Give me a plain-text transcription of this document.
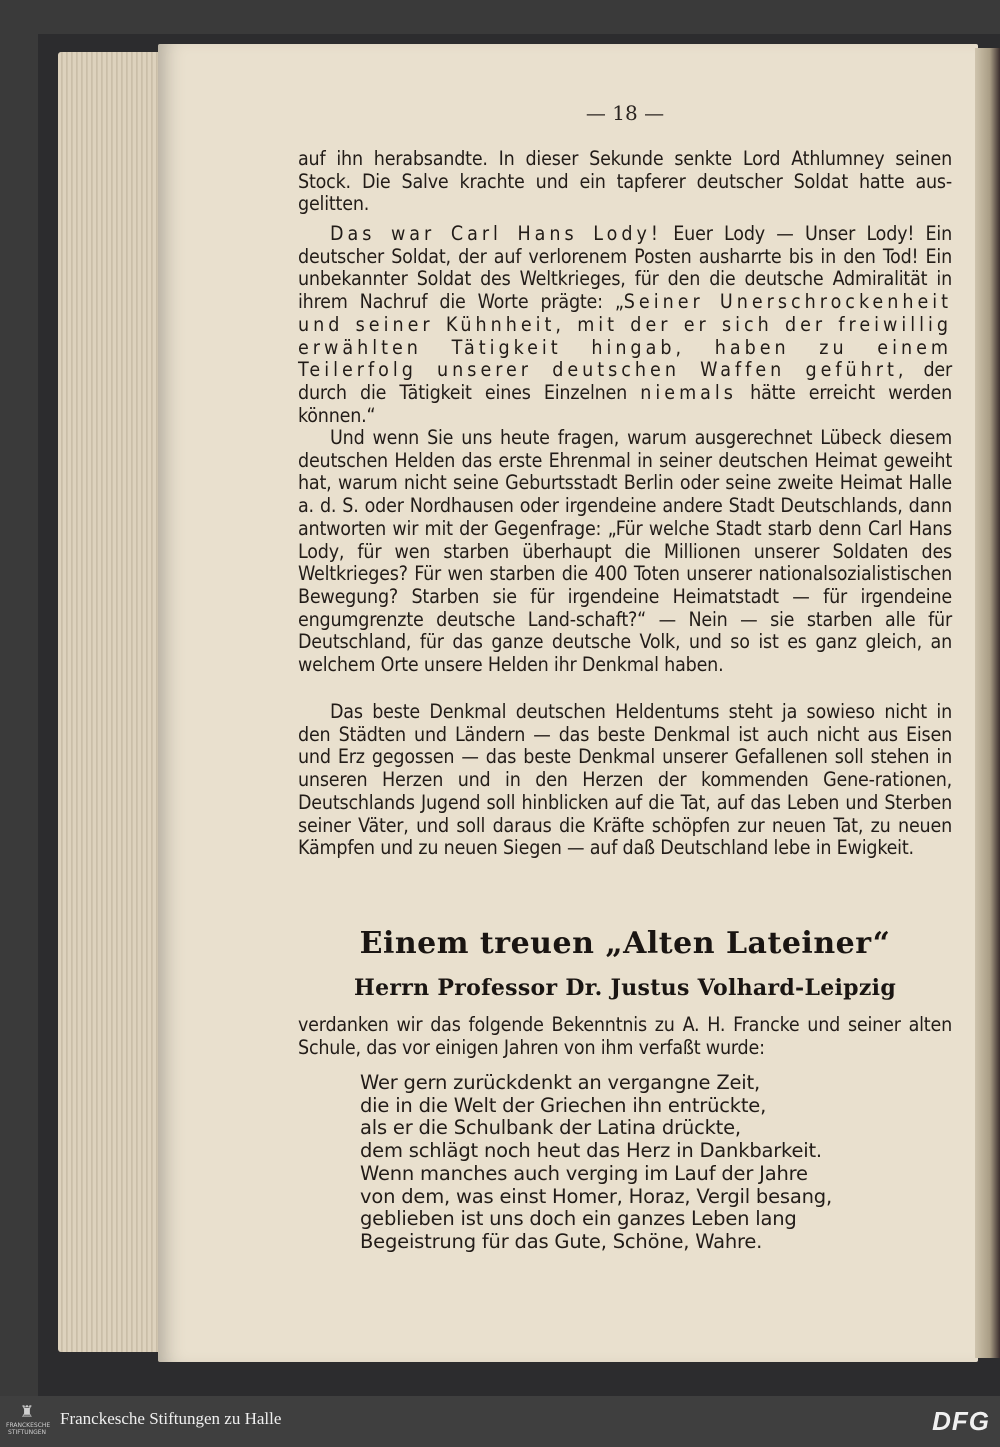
— 18 —

auf ihn herabsandte. In dieser Sekunde senkte Lord Athlumney seinen Stock. Die Salve krachte und ein tapferer deutscher Soldat hatte aus-gelitten.

Das war Carl Hans Lody! Euer Lody — Unser Lody! Ein deutscher Soldat, der auf verlorenem Posten ausharrte bis in den Tod! Ein unbekannter Soldat des Weltkrieges, für den die deutsche Admiralität in ihrem Nachruf die Worte prägte: „Seiner Unerschrockenheit und seiner Kühnheit, mit der er sich der freiwillig erwählten Tätigkeit hingab, haben zu einem Teilerfolg unserer deutschen Waffen geführt, der durch die Tätigkeit eines Einzelnen niemals hätte erreicht werden können.“

Und wenn Sie uns heute fragen, warum ausgerechnet Lübeck diesem deutschen Helden das erste Ehrenmal in seiner deutschen Heimat geweiht hat, warum nicht seine Geburtsstadt Berlin oder seine zweite Heimat Halle a. d. S. oder Nordhausen oder irgendeine andere Stadt Deutschlands, dann antworten wir mit der Gegenfrage: „Für welche Stadt starb denn Carl Hans Lody, für wen starben überhaupt die Millionen unserer Soldaten des Weltkrieges? Für wen starben die 400 Toten unserer nationalsozialistischen Bewegung? Starben sie für irgendeine Heimatstadt — für irgendeine engumgrenzte deutsche Land-schaft?“ — Nein — sie starben alle für Deutschland, für das ganze deutsche Volk, und so ist es ganz gleich, an welchem Orte unsere Helden ihr Denkmal haben.

Das beste Denkmal deutschen Heldentums steht ja sowieso nicht in den Städten und Ländern — das beste Denkmal ist auch nicht aus Eisen und Erz gegossen — das beste Denkmal unserer Gefallenen soll stehen in unseren Herzen und in den Herzen der kommenden Gene-rationen, Deutschlands Jugend soll hinblicken auf die Tat, auf das Leben und Sterben seiner Väter, und soll daraus die Kräfte schöpfen zur neuen Tat, zu neuen Kämpfen und zu neuen Siegen — auf daß Deutschland lebe in Ewigkeit.

Einem treuen „Alten Lateiner“
Herrn Professor Dr. Justus Volhard-Leipzig

verdanken wir das folgende Bekenntnis zu A. H. Francke und seiner alten Schule, das vor einigen Jahren von ihm verfaßt wurde:

Wer gern zurückdenkt an vergangne Zeit,
die in die Welt der Griechen ihn entrückte,
als er die Schulbank der Latina drückte,
dem schlägt noch heut das Herz in Dankbarkeit.
Wenn manches auch verging im Lauf der Jahre
von dem, was einst Homer, Horaz, Vergil besang,
geblieben ist uns doch ein ganzes Leben lang
Begeistrung für das Gute, Schöne, Wahre.
♜
FRANCKESCHE STIFTUNGEN
Franckesche Stiftungen zu Halle	DFG
